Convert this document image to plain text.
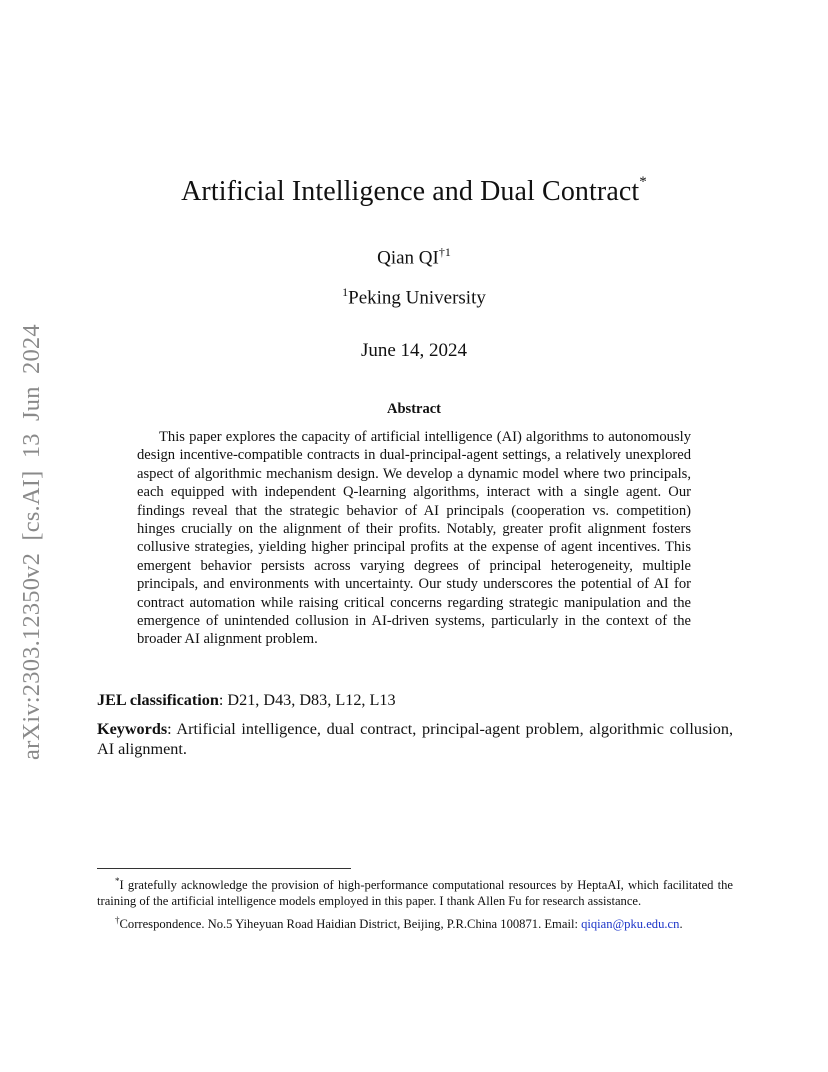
arXiv:2303.12350v2 [cs.AI] 13 Jun 2024
Artificial Intelligence and Dual Contract*
Qian QI$^{\dagger 1}$
$^1$Peking University
June 14, 2024
Abstract

This paper explores the capacity of artificial intelligence (AI) algorithms to autonomously design incentive-compatible contracts in dual-principal-agent settings, a relatively unexplored aspect of algorithmic mechanism design. We develop a dynamic model where two principals, each equipped with independent Q-learning algorithms, interact with a single agent. Our findings reveal that the strategic behavior of AI principals (cooperation vs. competition) hinges crucially on the alignment of their profits. Notably, greater profit alignment fosters collusive strategies, yielding higher principal profits at the expense of agent incentives. This emergent behavior persists across varying degrees of principal heterogeneity, multiple principals, and environments with uncertainty. Our study underscores the potential of AI for contract automation while raising critical concerns regarding strategic manipulation and the emergence of unintended collusion in AI-driven systems, particularly in the context of the broader AI alignment problem.

JEL classification: D21, D43, D83, L12, L13

Keywords: Artificial intelligence, dual contract, principal-agent problem, algorithmic collusion, AI alignment.

*I gratefully acknowledge the provision of high-performance computational resources by HeptaAI, which facilitated the training of the artificial intelligence models employed in this paper. I thank Allen Fu for research assistance.

†Correspondence. No.5 Yiheyuan Road Haidian District, Beijing, P.R.China 100871. Email: qiqian@pku.edu.cn.
